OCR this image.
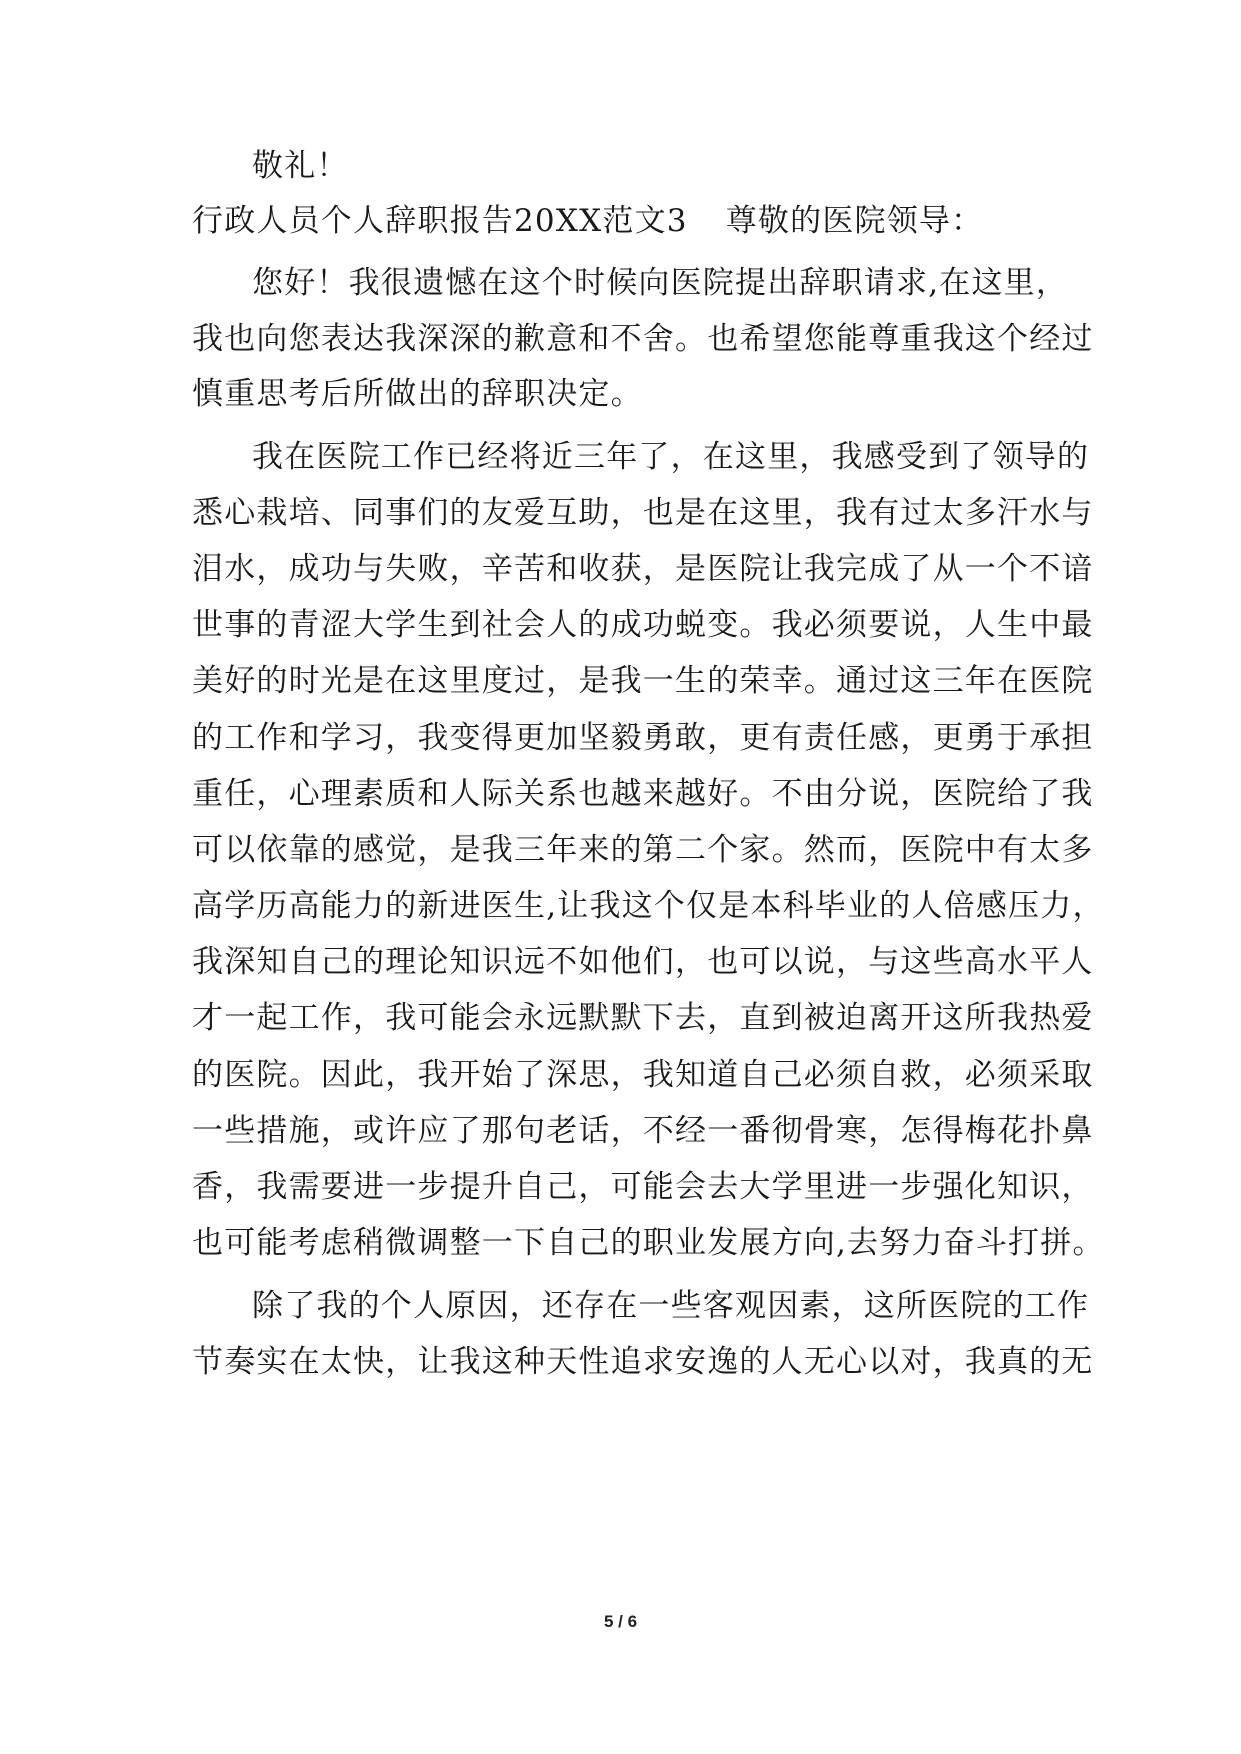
敬礼！
行政人员个人辞职报告20XX范文3 尊敬的医院领导：
您好！我很遗憾在这个时候向医院提出辞职请求,在这里，
我也向您表达我深深的歉意和不舍。也希望您能尊重我这个经过
慎重思考后所做出的辞职决定。
我在医院工作已经将近三年了，在这里，我感受到了领导的
悉心栽培、同事们的友爱互助，也是在这里，我有过太多汗水与
泪水，成功与失败，辛苦和收获，是医院让我完成了从一个不谙
世事的青涩大学生到社会人的成功蜕变。我必须要说，人生中最
美好的时光是在这里度过，是我一生的荣幸。通过这三年在医院
的工作和学习，我变得更加坚毅勇敢，更有责任感，更勇于承担
重任，心理素质和人际关系也越来越好。不由分说，医院给了我
可以依靠的感觉，是我三年来的第二个家。然而，医院中有太多
高学历高能力的新进医生,让我这个仅是本科毕业的人倍感压力，
我深知自己的理论知识远不如他们，也可以说，与这些高水平人
才一起工作，我可能会永远默默下去，直到被迫离开这所我热爱
的医院。因此，我开始了深思，我知道自己必须自救，必须采取
一些措施，或许应了那句老话，不经一番彻骨寒，怎得梅花扑鼻
香，我需要进一步提升自己，可能会去大学里进一步强化知识，
也可能考虑稍微调整一下自己的职业发展方向,去努力奋斗打拼。
除了我的个人原因，还存在一些客观因素，这所医院的工作
节奏实在太快，让我这种天性追求安逸的人无心以对，我真的无
5 / 6
